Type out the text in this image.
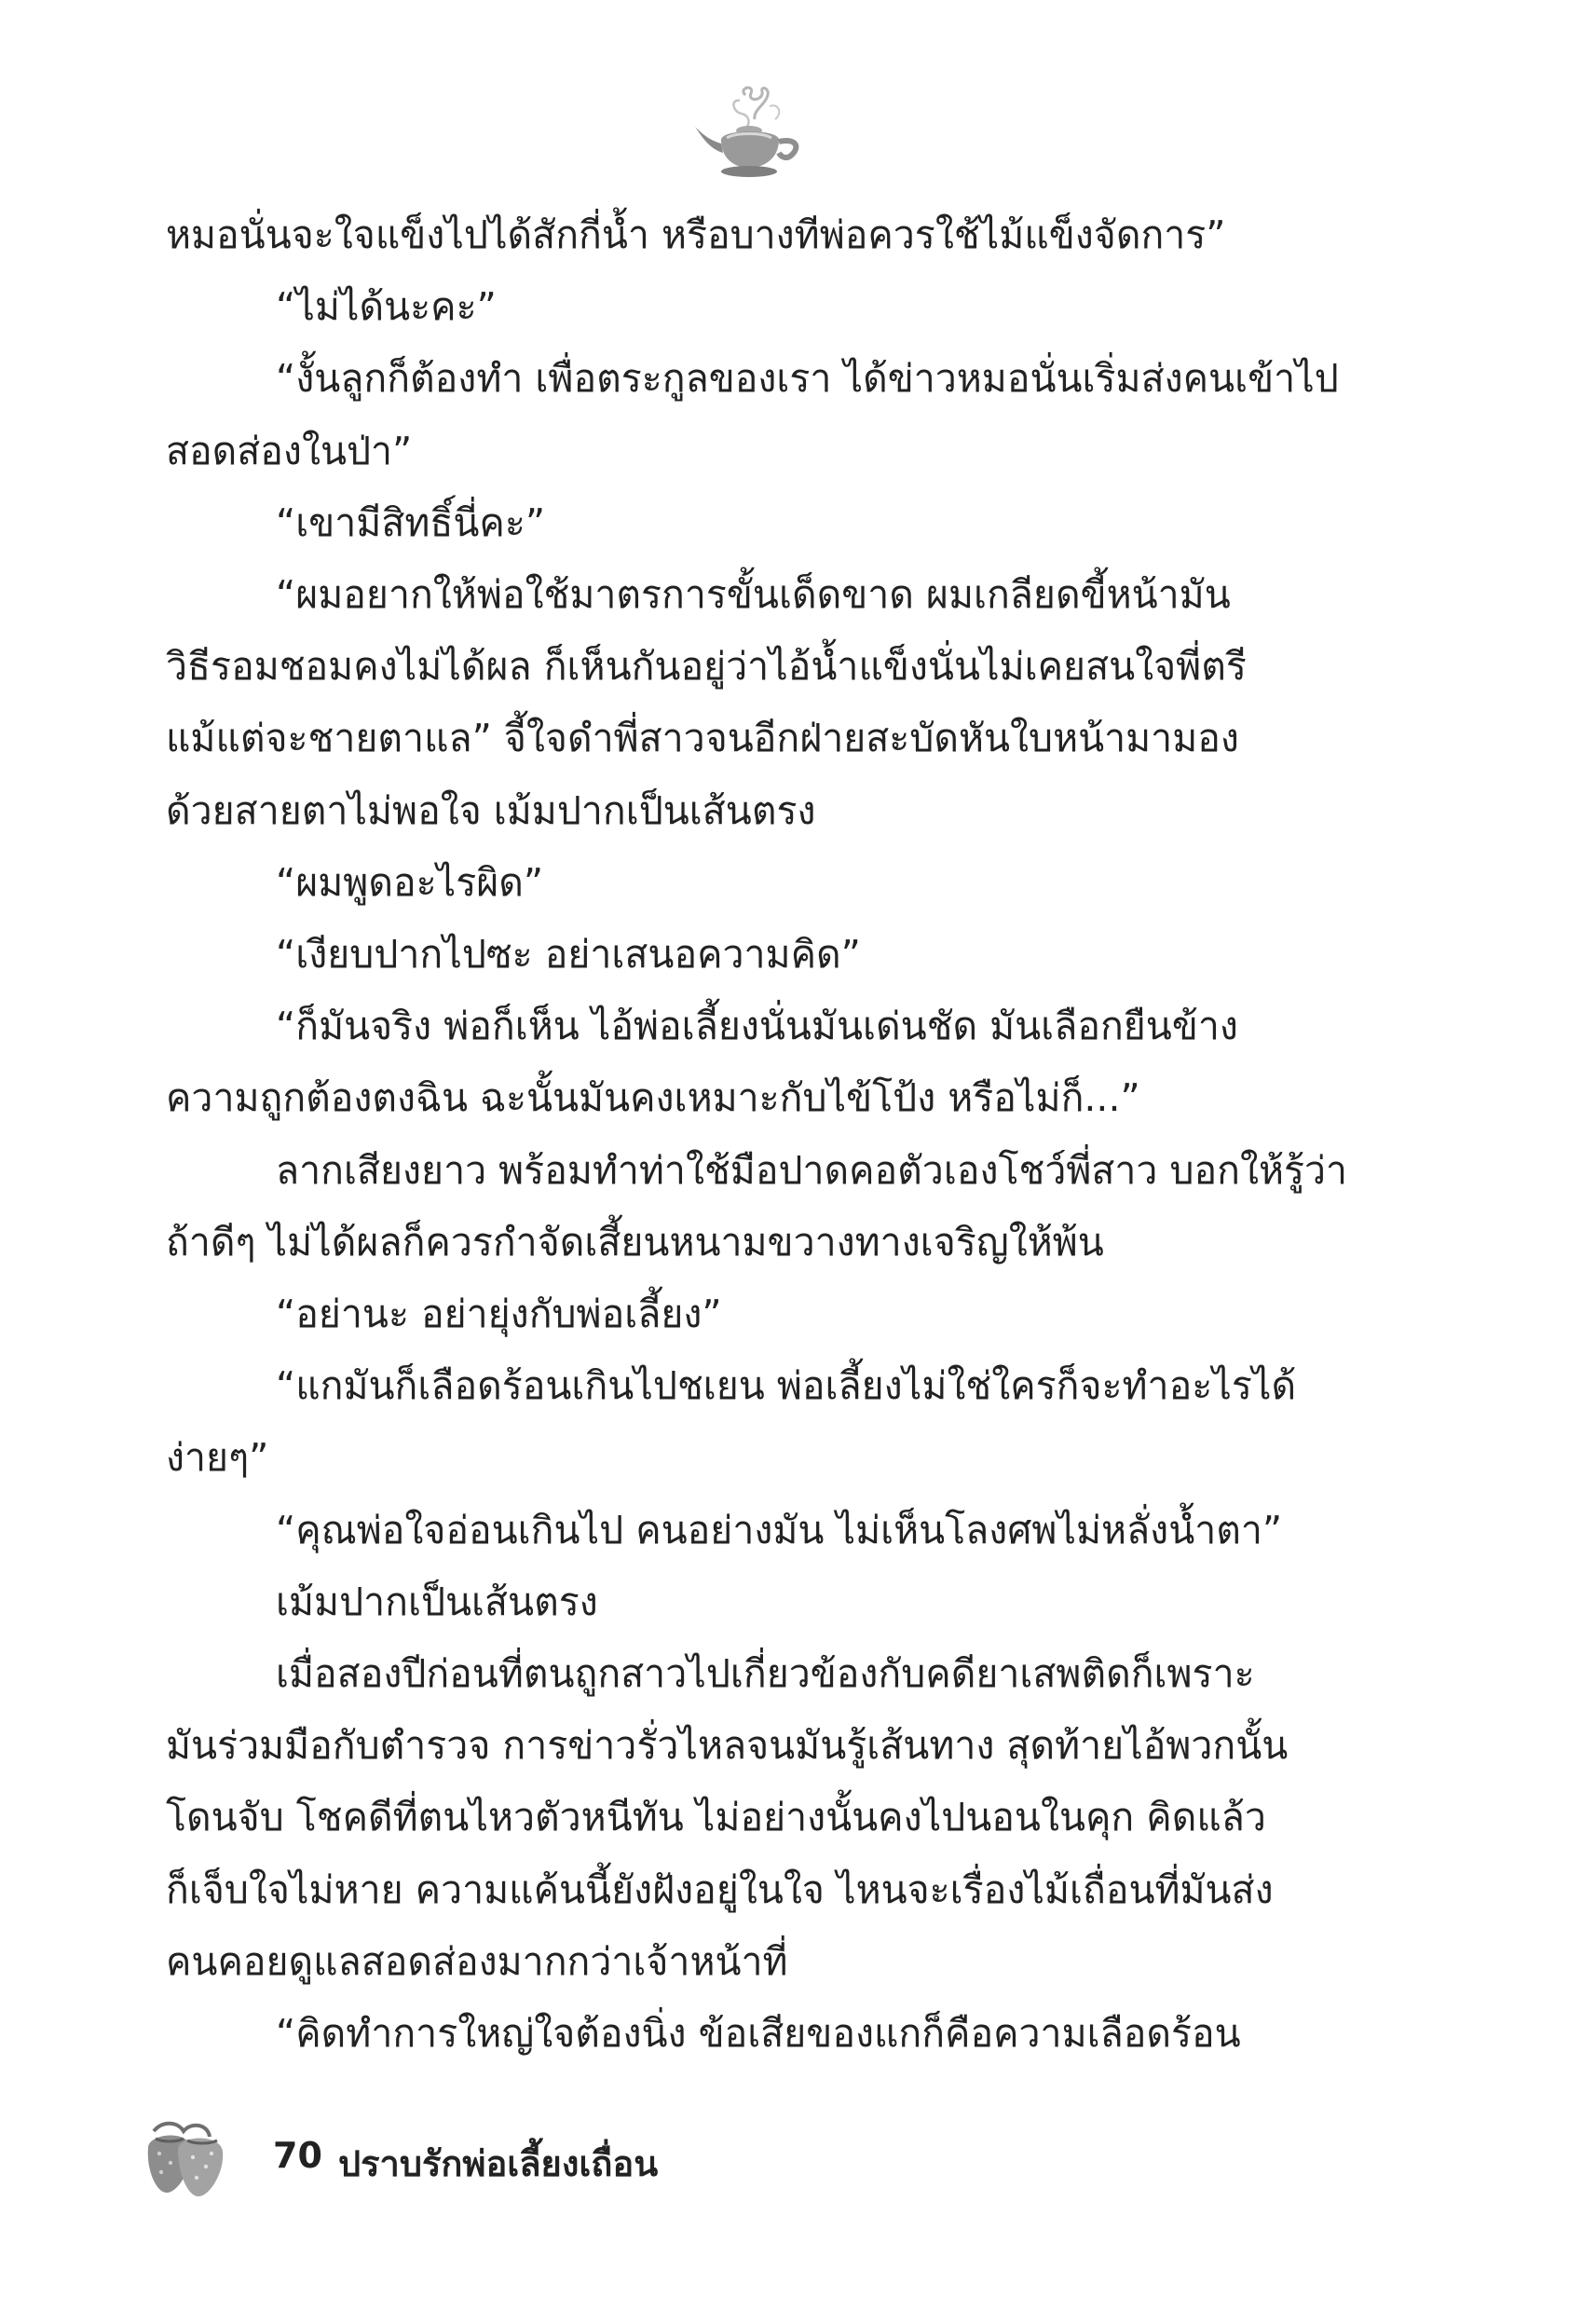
หมอนั่นจะใจแข็งไปได้สักกี่น้ำ หรือบางทีพ่อควรใช้ไม้แข็งจัดการ”

“ไม่ได้นะคะ”

“งั้นลูกก็ต้องทำ เพื่อตระกูลของเรา ได้ข่าวหมอนั่นเริ่มส่งคนเข้าไป

สอดส่องในป่า”

“เขามีสิทธิ์นี่คะ”

“ผมอยากให้พ่อใช้มาตรการขั้นเด็ดขาด ผมเกลียดขี้หน้ามัน

วิธีรอมชอมคงไม่ได้ผล ก็เห็นกันอยู่ว่าไอ้น้ำแข็งนั่นไม่เคยสนใจพี่ตรี

แม้แต่จะชายตาแล” จี้ใจดำพี่สาวจนอีกฝ่ายสะบัดหันใบหน้ามามอง

ด้วยสายตาไม่พอใจ เม้มปากเป็นเส้นตรง

“ผมพูดอะไรผิด”

“เงียบปากไปซะ อย่าเสนอความคิด”

“ก็มันจริง พ่อก็เห็น ไอ้พ่อเลี้ยงนั่นมันเด่นชัด มันเลือกยืนข้าง

ความถูกต้องตงฉิน ฉะนั้นมันคงเหมาะกับไข้โป้ง หรือไม่ก็...”

ลากเสียงยาว พร้อมทำท่าใช้มือปาดคอตัวเองโชว์พี่สาว บอกให้รู้ว่า

ถ้าดีๆ ไม่ได้ผลก็ควรกำจัดเสี้ยนหนามขวางทางเจริญให้พ้น

“อย่านะ อย่ายุ่งกับพ่อเลี้ยง”

“แกมันก็เลือดร้อนเกินไปชเยน พ่อเลี้ยงไม่ใช่ใครก็จะทำอะไรได้

ง่ายๆ”

“คุณพ่อใจอ่อนเกินไป คนอย่างมัน ไม่เห็นโลงศพไม่หลั่งน้ำตา”

เม้มปากเป็นเส้นตรง

เมื่อสองปีก่อนที่ตนถูกสาวไปเกี่ยวข้องกับคดียาเสพติดก็เพราะ

มันร่วมมือกับตำรวจ การข่าวรั่วไหลจนมันรู้เส้นทาง สุดท้ายไอ้พวกนั้น

โดนจับ โชคดีที่ตนไหวตัวหนีทัน ไม่อย่างนั้นคงไปนอนในคุก คิดแล้ว

ก็เจ็บใจไม่หาย ความแค้นนี้ยังฝังอยู่ในใจ ไหนจะเรื่องไม้เถื่อนที่มันส่ง

คนคอยดูแลสอดส่องมากกว่าเจ้าหน้าที่

“คิดทำการใหญ่ใจต้องนิ่ง ข้อเสียของแกก็คือความเลือดร้อน

70 ปราบรักพ่อเลี้ยงเถื่อน
